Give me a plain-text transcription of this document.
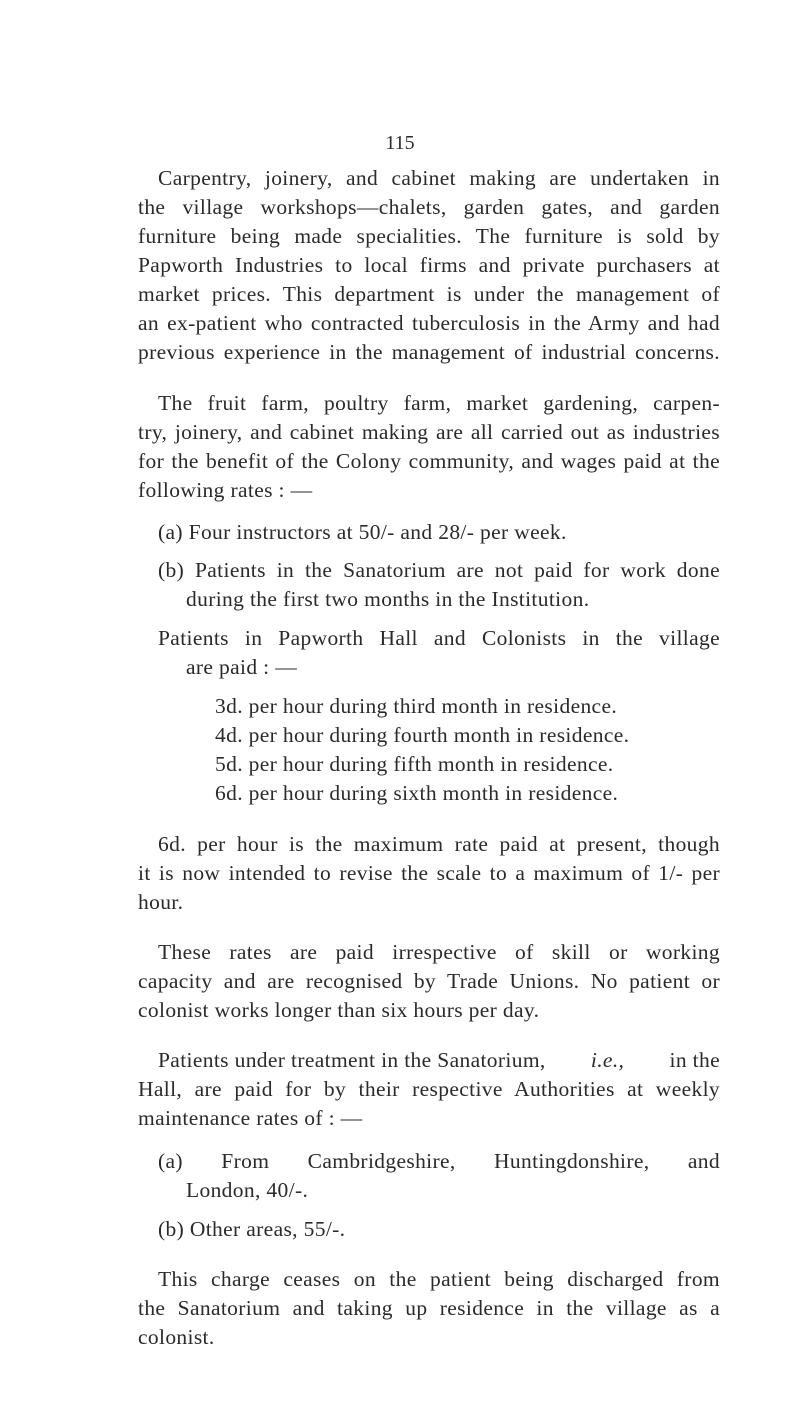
115
Carpentry, joinery, and cabinet making are undertaken in
the village workshops—chalets, garden gates, and garden
furniture being made specialities. The furniture is sold by
Papworth Industries to local firms and private purchasers at
market prices. This department is under the management of
an ex-patient who contracted tuberculosis in the Army and had
previous experience in the management of industrial concerns.
The fruit farm, poultry farm, market gardening, carpen-
try, joinery, and cabinet making are all carried out as industries
for the benefit of the Colony community, and wages paid at the
following rates : —
(a) Four instructors at 50/- and 28/- per week.
(b) Patients in the Sanatorium are not paid for work done
during the first two months in the Institution.
Patients in Papworth Hall and Colonists in the village
are paid : —
3d. per hour during third month in residence.
4d. per hour during fourth month in residence.
5d. per hour during fifth month in residence.
6d. per hour during sixth month in residence.
6d. per hour is the maximum rate paid at present, though
it is now intended to revise the scale to a maximum of 1/- per
hour.
These rates are paid irrespective of skill or working
capacity and are recognised by Trade Unions. No patient or
colonist works longer than six hours per day.
Patients under treatment in the Sanatorium, i.e., in the
Hall, are paid for by their respective Authorities at weekly
maintenance rates of : —
(a) From Cambridgeshire, Huntingdonshire, and
London, 40/-.
(b) Other areas, 55/-.
This charge ceases on the patient being discharged from
the Sanatorium and taking up residence in the village as a
colonist.
